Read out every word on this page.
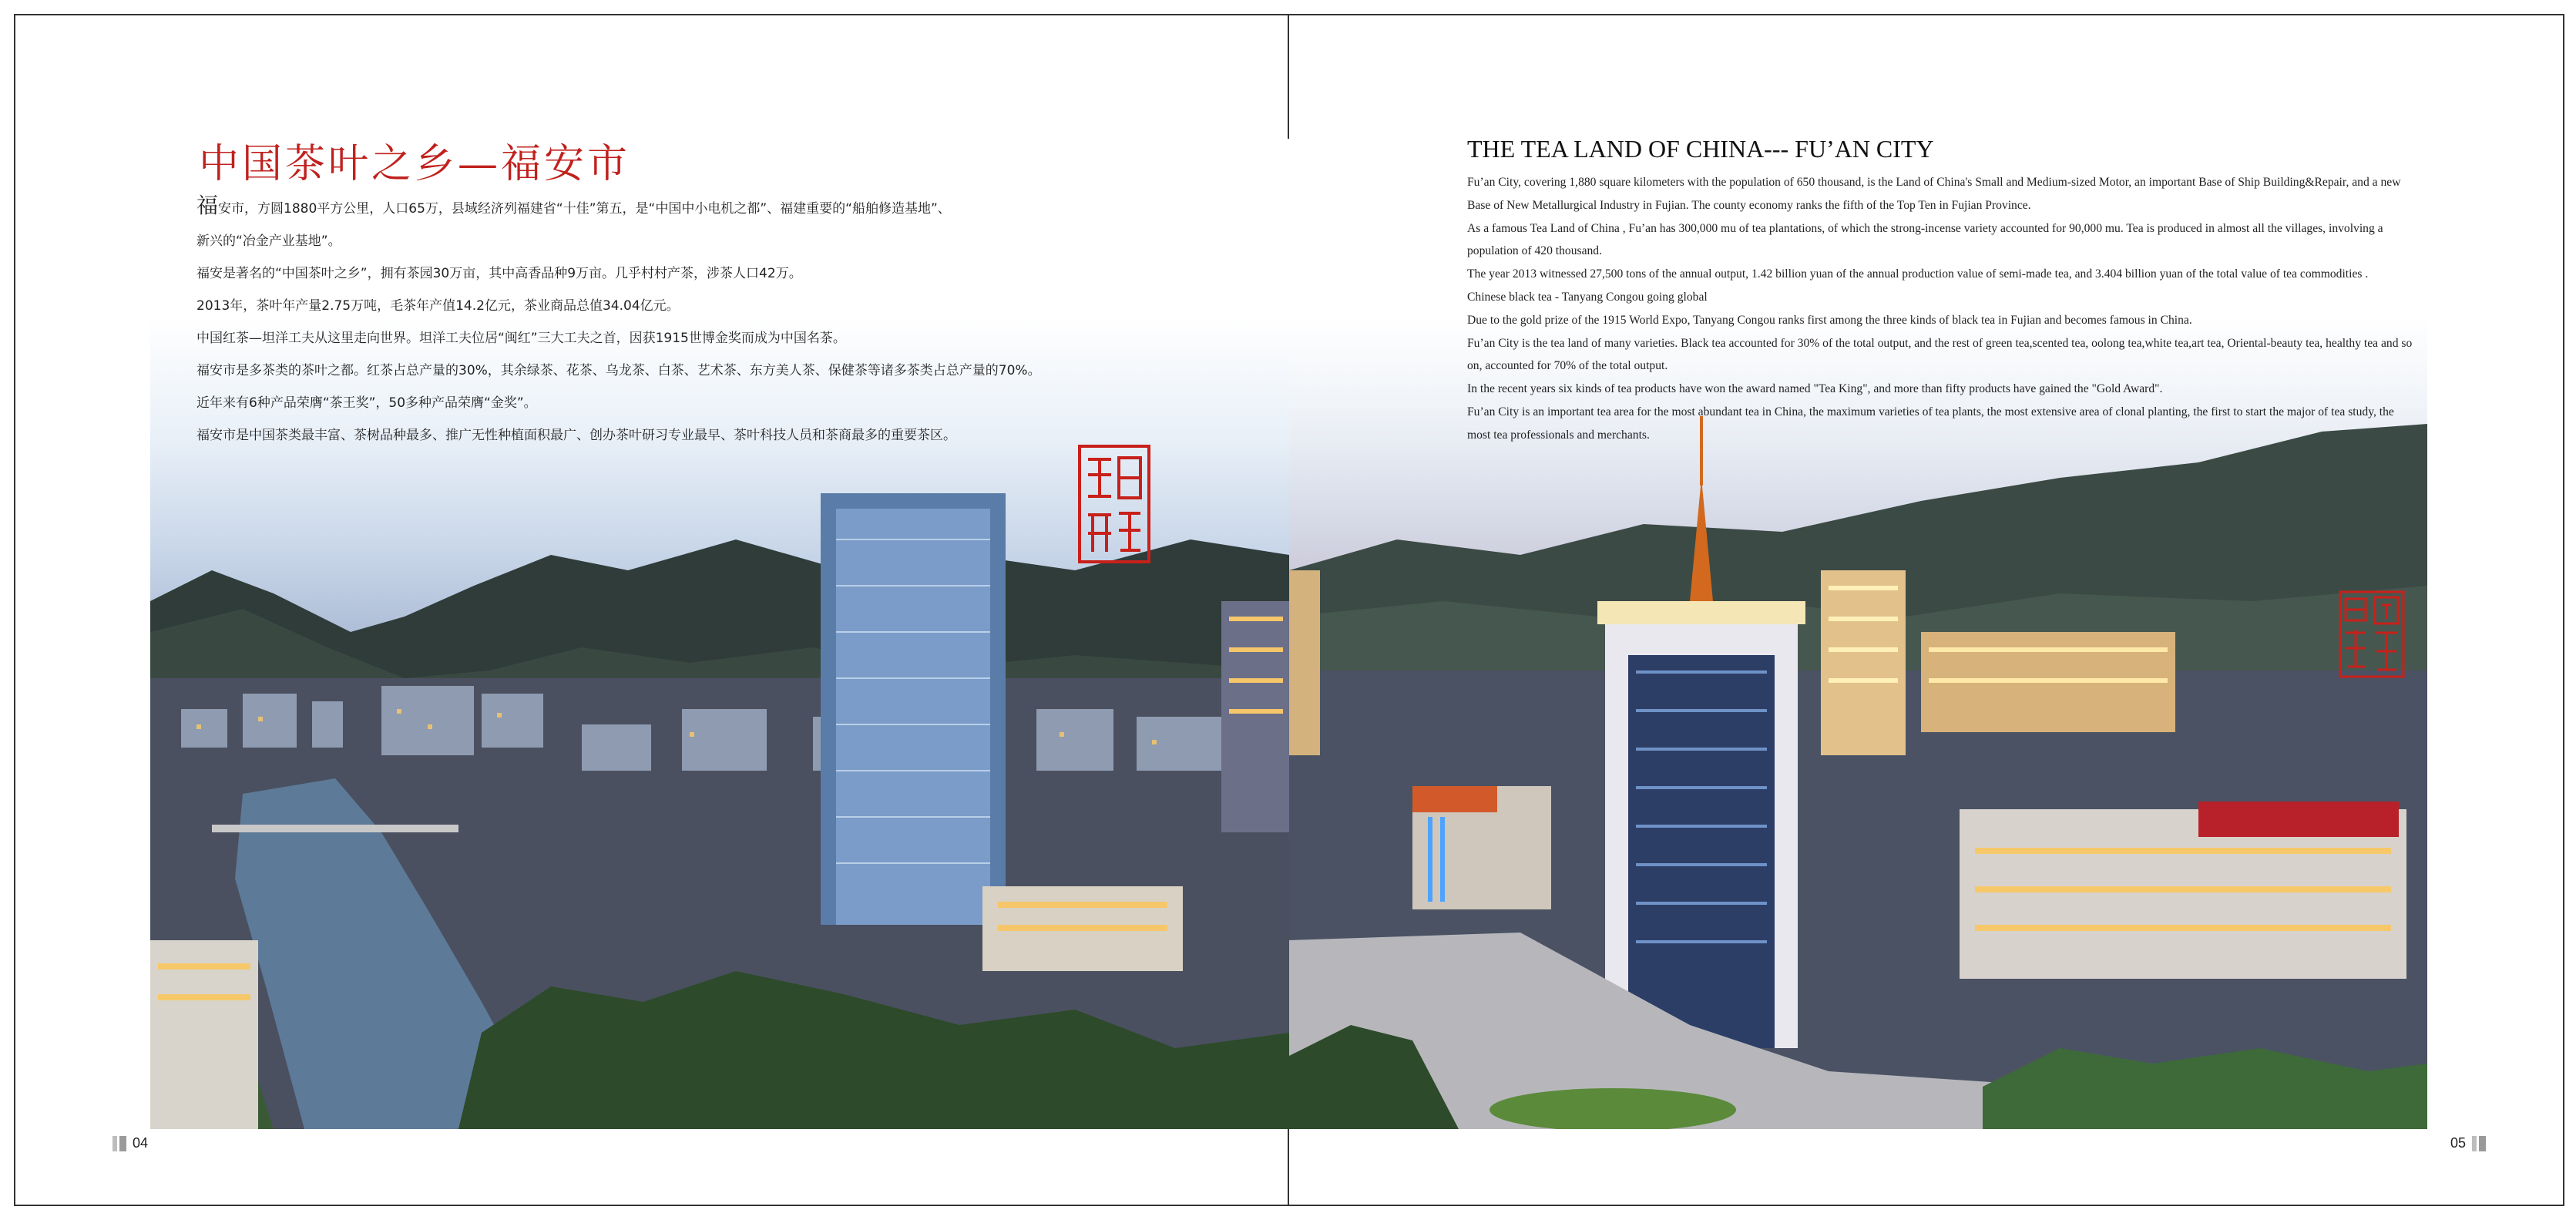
中国茶叶之乡—福安市

福安市，方圆1880平方公里，人口65万，县域经济列福建省“十佳”第五，是“中国中小电机之都”、福建重要的“船舶修造基地”、

新兴的“冶金产业基地”。

福安是著名的“中国茶叶之乡”，拥有茶园30万亩，其中高香品种9万亩。几乎村村产茶，涉茶人口42万。

2013年，茶叶年产量2.75万吨，毛茶年产值14.2亿元，茶业商品总值34.04亿元。

中国红茶—坦洋工夫从这里走向世界。坦洋工夫位居“闽红”三大工夫之首，因获1915世博金奖而成为中国名茶。

福安市是多茶类的茶叶之都。红茶占总产量的30%，其余绿茶、花茶、乌龙茶、白茶、艺术茶、东方美人茶、保健茶等诸多茶类占总产量的70%。

近年来有6种产品荣膺“茶王奖”，50多种产品荣膺“金奖”。

福安市是中国茶类最丰富、茶树品种最多、推广无性种植面积最广、创办茶叶研习专业最早、茶叶科技人员和茶商最多的重要茶区。

04	05
THE TEA LAND OF CHINA--- FU’AN CITY

Fu’an City, covering 1,880 square kilometers with the population of 650 thousand, is the Land of China's Small and Medium-sized Motor, an important Base of Ship Building&Repair, and a new Base of New Metallurgical Industry in Fujian. The county economy ranks the fifth of the Top Ten in Fujian Province.

As a famous Tea Land of China , Fu’an has 300,000 mu of tea plantations, of which the strong-incense variety accounted for 90,000 mu. Tea is produced in almost all the villages, involving a population of 420 thousand.

The year 2013 witnessed 27,500 tons of the annual output, 1.42 billion yuan of the annual production value of semi-made tea, and 3.404 billion yuan of the total value of tea commodities .

Chinese black tea - Tanyang Congou going global

Due to the gold prize of the 1915 World Expo, Tanyang Congou ranks first among the three kinds of black tea in Fujian and becomes famous in China.

Fu’an City is the tea land of many varieties. Black tea accounted for 30% of the total output, and the rest of green tea,scented tea, oolong tea,white tea,art tea, Oriental-beauty tea, healthy tea and so on, accounted for 70% of the total output.

In the recent years six kinds of tea products have won the award named "Tea King", and more than fifty products have gained the "Gold Award".

Fu’an City is an important tea area for the most abundant tea in China, the maximum varieties of tea plants, the most extensive area of clonal planting, the first to start the major of tea study, the most tea professionals and merchants.
